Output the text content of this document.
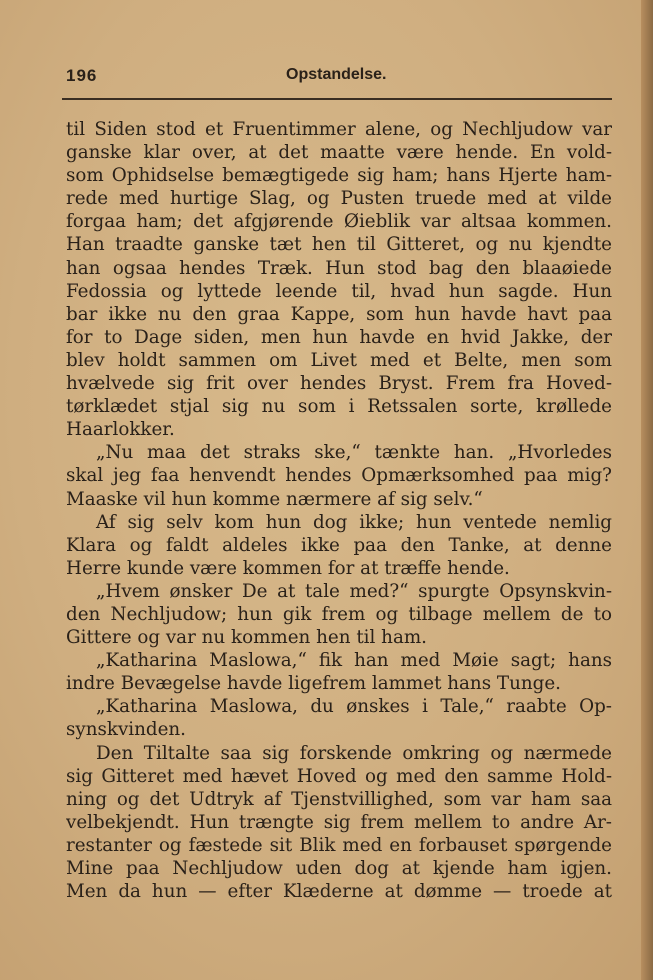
196	Opstandelse.
til Siden stod et Fruentimmer alene, og Nechljudow var
ganske klar over, at det maatte være hende. En vold-
som Ophidselse bemægtigede sig ham; hans Hjerte ham-
rede med hurtige Slag, og Pusten truede med at vilde
forgaa ham; det afgjørende Øieblik var altsaa kommen.
Han traadte ganske tæt hen til Gitteret, og nu kjendte
han ogsaa hendes Træk. Hun stod bag den blaaøiede
Fedossia og lyttede leende til, hvad hun sagde. Hun
bar ikke nu den graa Kappe, som hun havde havt paa
for to Dage siden, men hun havde en hvid Jakke, der
blev holdt sammen om Livet med et Belte, men som
hvælvede sig frit over hendes Bryst. Frem fra Hoved-
tørklædet stjal sig nu som i Retssalen sorte, krøllede
Haarlokker.
„Nu maa det straks ske,“ tænkte han. „Hvorledes
skal jeg faa henvendt hendes Opmærksomhed paa mig?
Maaske vil hun komme nærmere af sig selv.“
Af sig selv kom hun dog ikke; hun ventede nemlig
Klara og faldt aldeles ikke paa den Tanke, at denne
Herre kunde være kommen for at træffe hende.
„Hvem ønsker De at tale med?“ spurgte Opsynskvin-
den Nechljudow; hun gik frem og tilbage mellem de to
Gittere og var nu kommen hen til ham.
„Katharina Maslowa,“ fik han med Møie sagt; hans
indre Bevægelse havde ligefrem lammet hans Tunge.
„Katharina Maslowa, du ønskes i Tale,“ raabte Op-
synskvinden.
Den Tiltalte saa sig forskende omkring og nærmede
sig Gitteret med hævet Hoved og med den samme Hold-
ning og det Udtryk af Tjenstvillighed, som var ham saa
velbekjendt. Hun trængte sig frem mellem to andre Ar-
restanter og fæstede sit Blik med en forbauset spørgende
Mine paa Nechljudow uden dog at kjende ham igjen.
Men da hun — efter Klæderne at dømme — troede at
